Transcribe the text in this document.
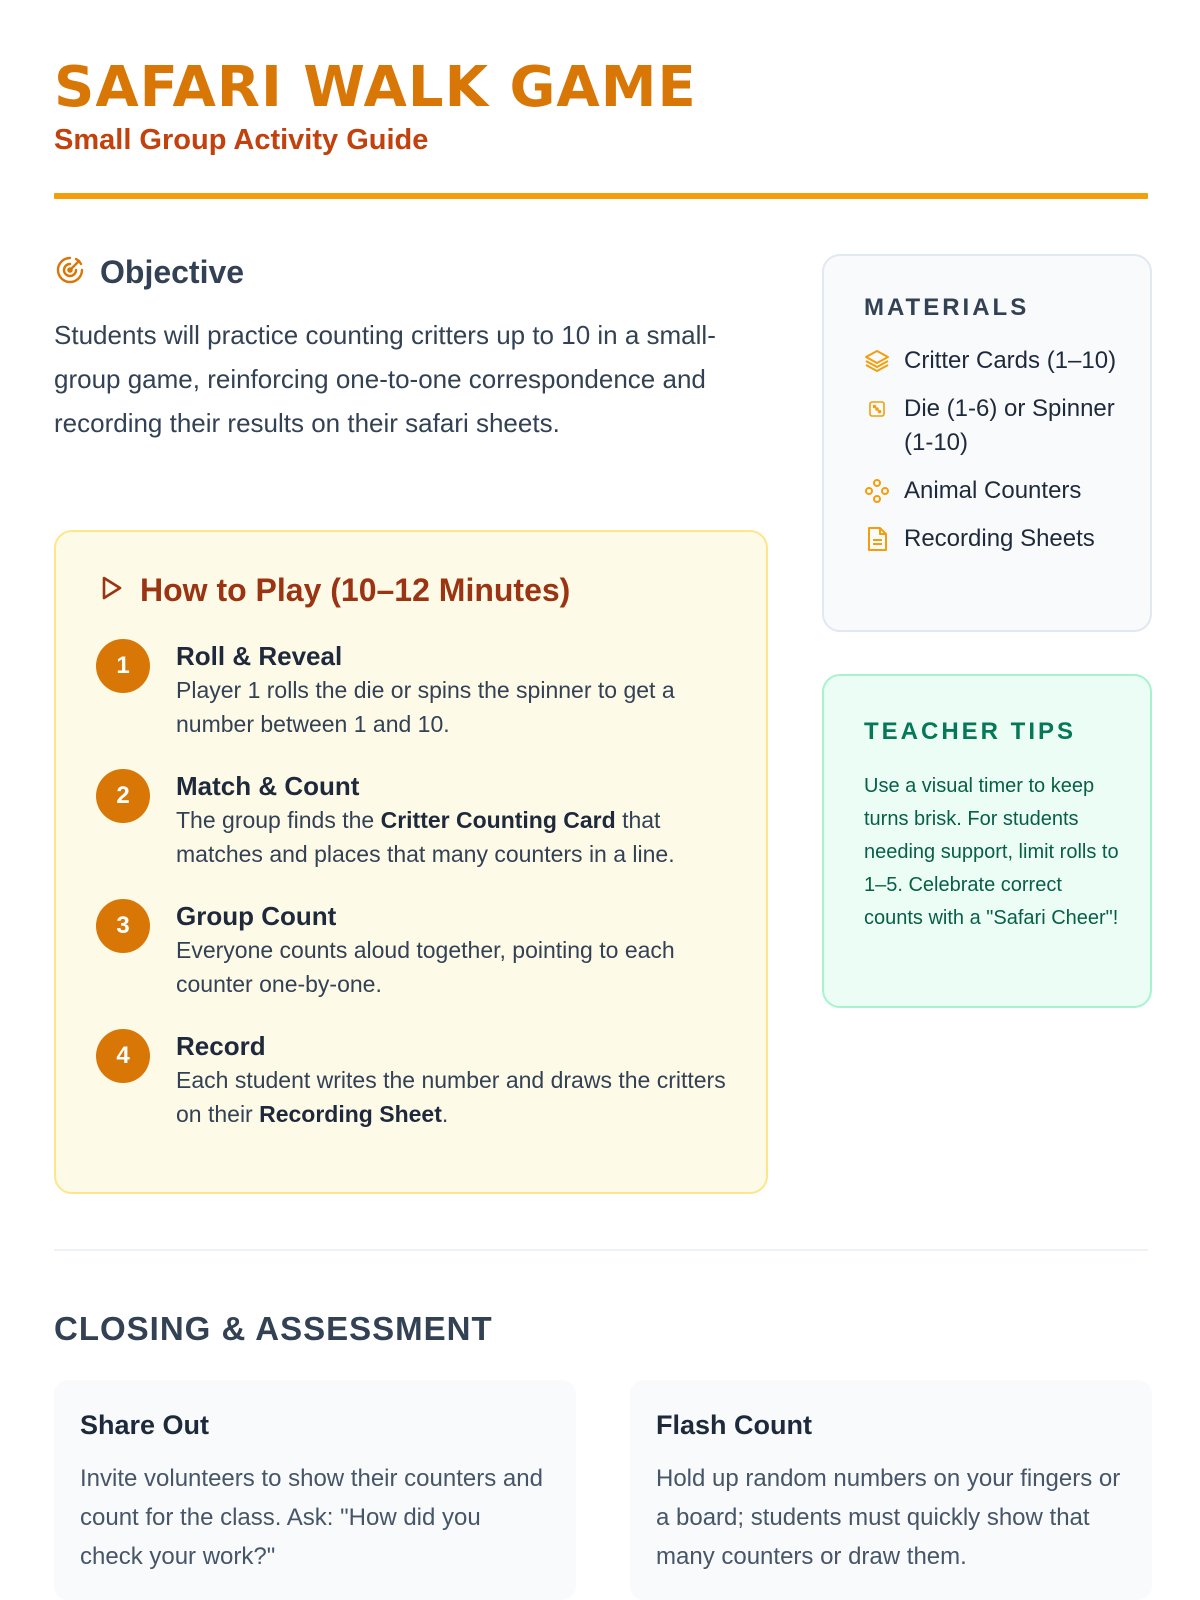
SAFARI WALK GAME
Small Group Activity Guide
Objective

Students will practice counting critters up to 10 in a small-group game, reinforcing one-to-one correspondence and recording their results on their safari sheets.

How to Play (10–12 Minutes)
1	Roll & Reveal
Player 1 rolls the die or spins the spinner to get a number between 1 and 10.
2	Match & Count
The group finds the Critter Counting Card that matches and places that many counters in a line.
3	Group Count
Everyone counts aloud together, pointing to each counter one-by-one.
4	Record
Each student writes the number and draws the critters on their Recording Sheet.
MATERIALS
Critter Cards (1–10)
Die (1-6) or Spinner (1-10)
Animal Counters
Recording Sheets
TEACHER TIPS

Use a visual timer to keep turns brisk. For students needing support, limit rolls to 1–5. Celebrate correct counts with a "Safari Cheer"!

CLOSING & ASSESSMENT
Share Out

Invite volunteers to show their counters and count for the class. Ask: "How did you check your work?"

Flash Count

Hold up random numbers on your fingers or a board; students must quickly show that many counters or draw them.
